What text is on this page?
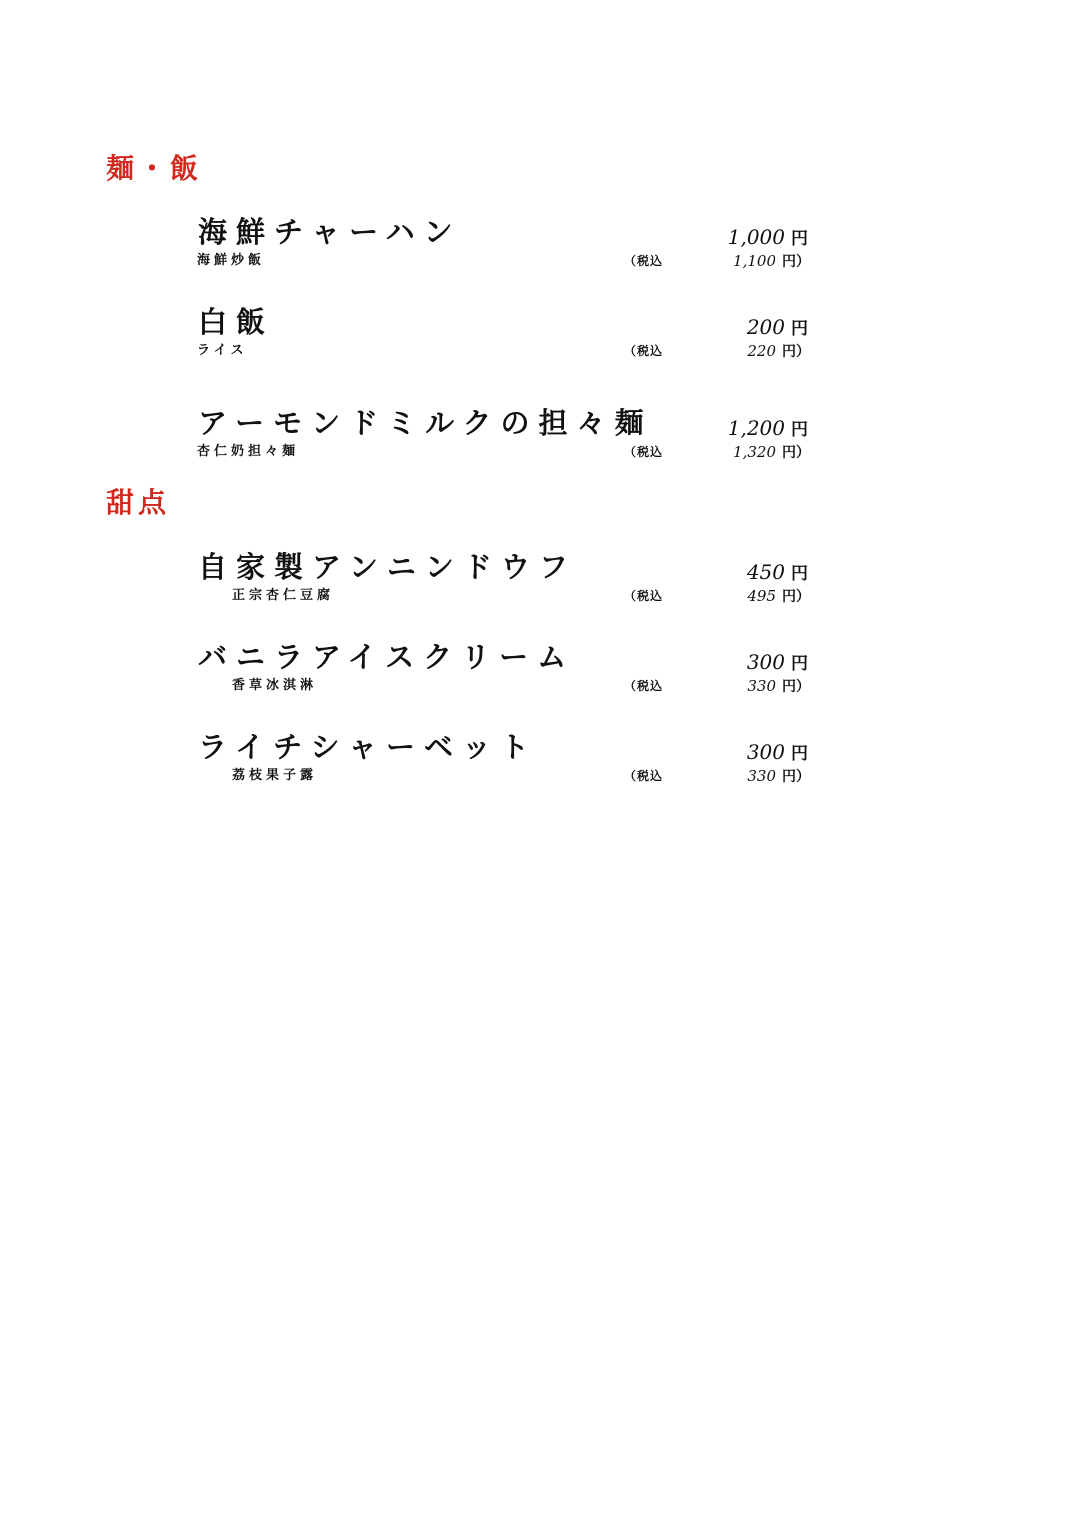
麺・飯
海鮮チャーハン
海鮮炒飯	（税込
1,000 円
1,100 円）
白飯
ライス	（税込
200 円
220 円）
アーモンドミルクの担々麺
杏仁奶担々麺	（税込
1,200 円
1,320 円）
甜点
自家製アンニンドウフ
正宗杏仁豆腐	（税込
450 円
495 円）
バニラアイスクリーム
香草冰淇淋	（税込
300 円
330 円）
ライチシャーベット
荔枝果子露	（税込
300 円
330 円）
